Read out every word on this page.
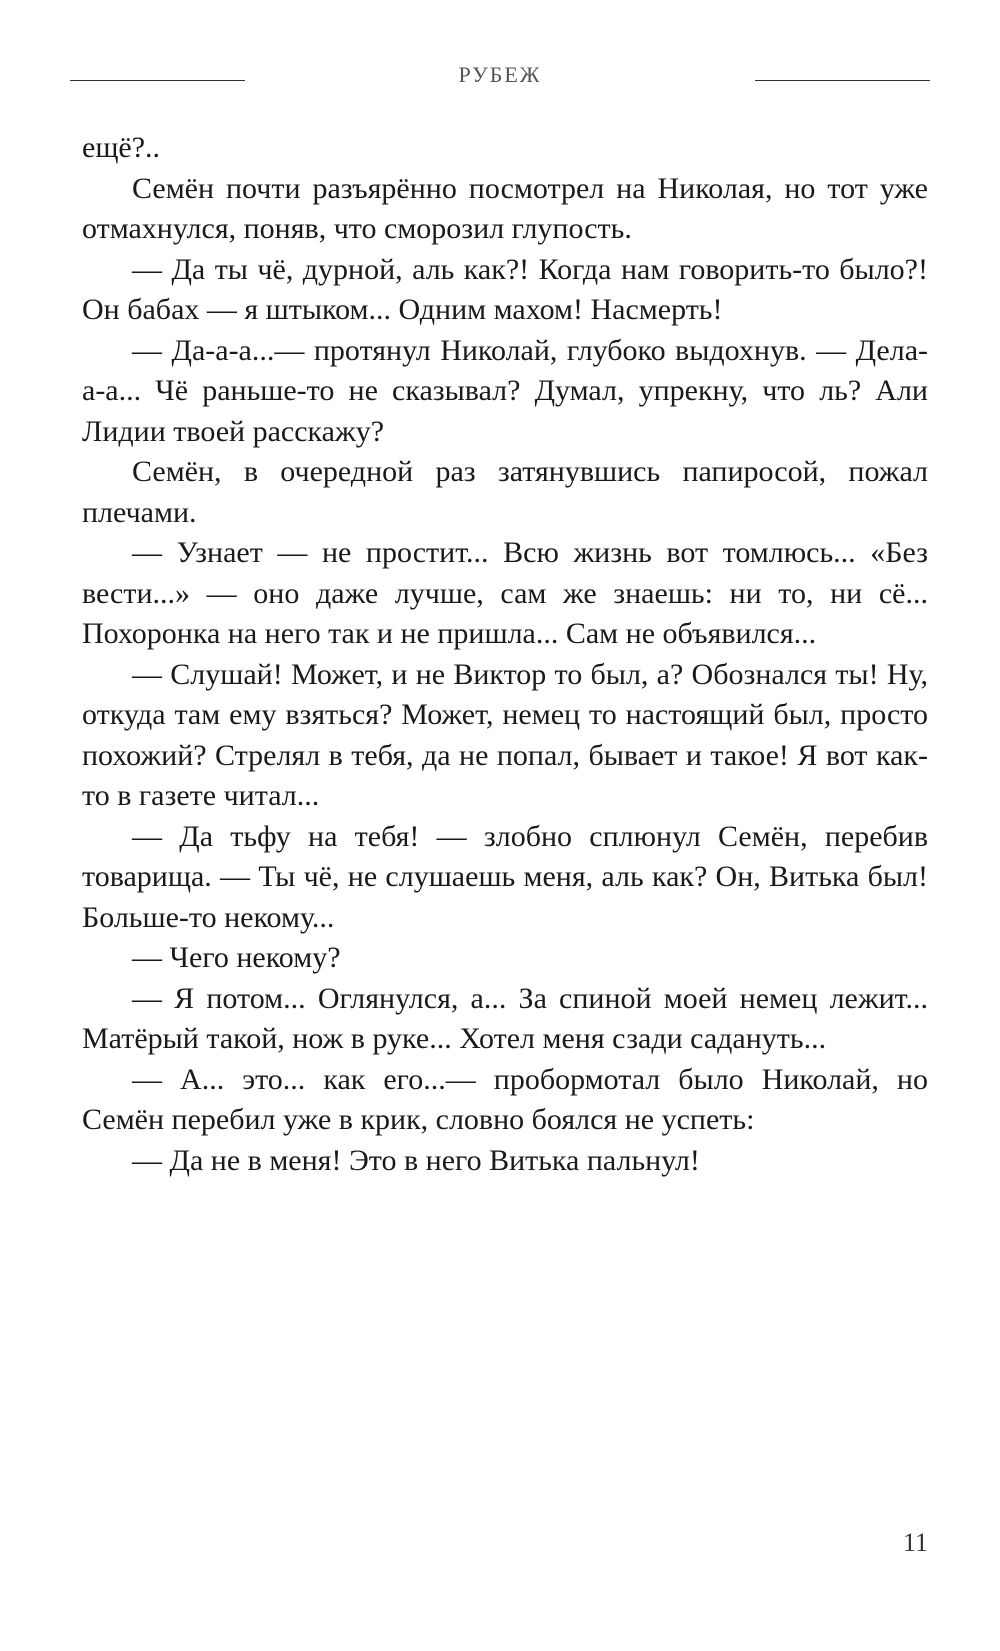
РУБЕЖ

ещё?..

Семён почти разъярённо посмотрел на Николая, но тот уже отмахнулся, поняв, что сморозил глупость.

— Да ты чё, дурной, аль как?! Когда нам говорить-то было?! Он бабах — я штыком... Одним махом! Насмерть!

— Да-а-а...— протянул Николай, глубоко выдохнув. — Дела-а-а... Чё раньше-то не сказывал? Думал, упрекну, что ль? Али Лидии твоей расскажу?

Семён, в очередной раз затянувшись папиросой, пожал плечами.

— Узнает — не простит... Всю жизнь вот томлюсь... «Без вести...» — оно даже лучше, сам же знаешь: ни то, ни сё... Похоронка на него так и не пришла... Сам не объявился...

— Слушай! Может, и не Виктор то был, а? Обознался ты! Ну, откуда там ему взяться? Может, немец то настоящий был, просто похожий? Стрелял в тебя, да не попал, бывает и такое! Я вот как-то в газете читал...

— Да тьфу на тебя! — злобно сплюнул Семён, перебив товарища. — Ты чё, не слушаешь меня, аль как? Он, Витька был! Больше-то некому...

— Чего некому?

— Я потом... Оглянулся, а... За спиной моей немец лежит... Матёрый такой, нож в руке... Хотел меня сзади садануть...

— А... это... как его...— пробормотал было Николай, но Семён перебил уже в крик, словно боялся не успеть:

— Да не в меня! Это в него Витька пальнул!

11
